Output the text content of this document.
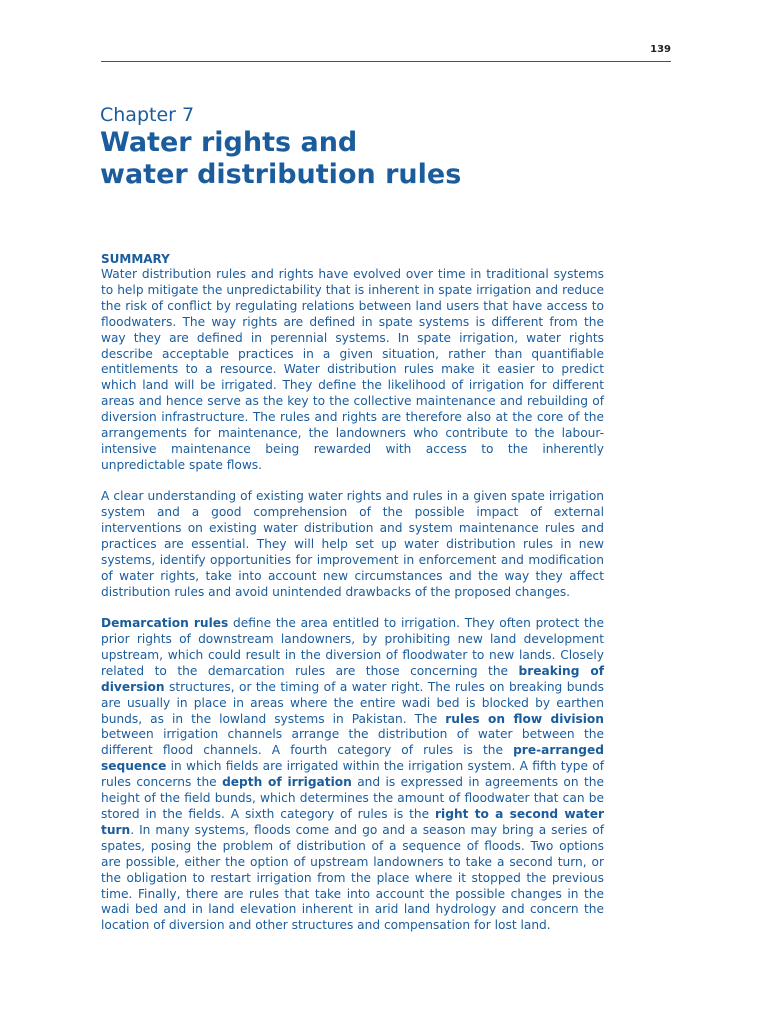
139
Chapter 7
Water rights and
water distribution rules
SUMMARY

Water distribution rules and rights have evolved over time in traditional systems to help mitigate the unpredictability that is inherent in spate irrigation and reduce the risk of conflict by regulating relations between land users that have access to floodwaters. The way rights are defined in spate systems is different from the way they are defined in perennial systems. In spate irrigation, water rights describe acceptable practices in a given situation, rather than quantifiable entitlements to a resource. Water distribution rules make it easier to predict which land will be irrigated. They define the likelihood of irrigation for different areas and hence serve as the key to the collective maintenance and rebuilding of diversion infrastructure. The rules and rights are therefore also at the core of the arrangements for maintenance, the landowners who contribute to the labour-intensive maintenance being rewarded with access to the inherently unpredictable spate flows.

A clear understanding of existing water rights and rules in a given spate irrigation system and a good comprehension of the possible impact of external interventions on existing water distribution and system maintenance rules and practices are essential. They will help set up water distribution rules in new systems, identify opportunities for improvement in enforcement and modification of water rights, take into account new circumstances and the way they affect distribution rules and avoid unintended drawbacks of the proposed changes.

Demarcation rules define the area entitled to irrigation. They often protect the prior rights of downstream landowners, by prohibiting new land development upstream, which could result in the diversion of floodwater to new lands. Closely related to the demarcation rules are those concerning the breaking of diversion structures, or the timing of a water right. The rules on breaking bunds are usually in place in areas where the entire wadi bed is blocked by earthen bunds, as in the lowland systems in Pakistan. The rules on flow division between irrigation channels arrange the distribution of water between the different flood channels. A fourth category of rules is the pre-arranged sequence in which fields are irrigated within the irrigation system. A fifth type of rules concerns the depth of irrigation and is expressed in agreements on the height of the field bunds, which determines the amount of floodwater that can be stored in the fields. A sixth category of rules is the right to a second water turn. In many systems, floods come and go and a season may bring a series of spates, posing the problem of distribution of a sequence of floods. Two options are possible, either the option of upstream landowners to take a second turn, or the obligation to restart irrigation from the place where it stopped the previous time. Finally, there are rules that take into account the possible changes in the wadi bed and in land elevation inherent in arid land hydrology and concern the location of diversion and other structures and compensation for lost land.
